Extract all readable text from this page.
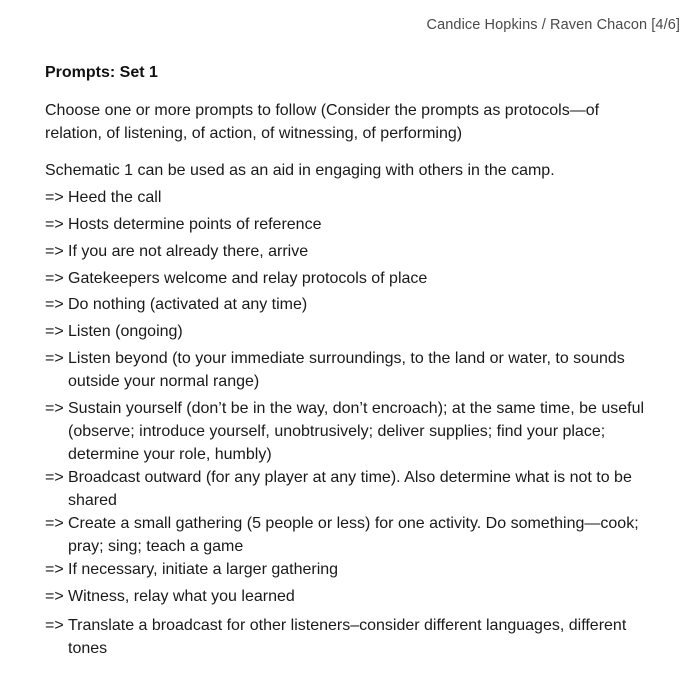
Candice Hopkins / Raven Chacon [4/6]
Prompts: Set 1

Choose one or more prompts to follow (Consider the prompts as protocols—of relation, of listening, of action, of witnessing, of performing)

Schematic 1 can be used as an aid in engaging with others in the camp.

=> Heed the call
=> Hosts determine points of reference
=> If you are not already there, arrive
=> Gatekeepers welcome and relay protocols of place
=> Do nothing (activated at any time)
=> Listen (ongoing)
=> Listen beyond (to your immediate surroundings, to the land or water, to sounds outside your normal range)
=> Sustain yourself (don’t be in the way, don’t encroach); at the same time, be useful (observe; introduce yourself, unobtrusively; deliver supplies; find your place; determine your role, humbly)
=> Broadcast outward (for any player at any time). Also determine what is not to be shared
=> Create a small gathering (5 people or less) for one activity. Do something—cook; pray; sing; teach a game
=> If necessary, initiate a larger gathering
=> Witness, relay what you learned
=> Translate a broadcast for other listeners–consider different languages, different tones
